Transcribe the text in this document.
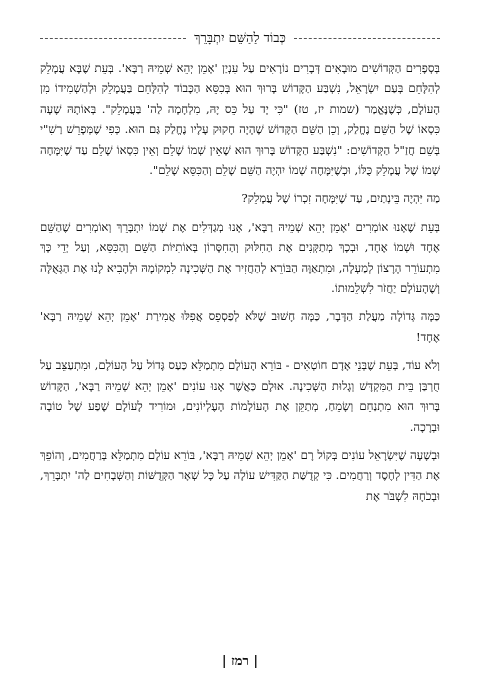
כְּבוֹד לַהַשֵּׁם יִתְבָּרֵךְ

בְּסְפָרִים הַקְּדוֹשִׁים מוּבָאִים דְּבָרִים נוֹרָאִים עַל עִנְיַן 'אָמֵן יְהֵא שְׁמֵיהּ רַבָּא'. בְּעֵת שֶׁבָּא עֲמָלֵק לְהִלָּחֵם בְּעַם יִשְׂרָאֵל, נִשְׁבַּע הַקָּדוֹשׁ בָּרוּךְ הוּא בְּכִסֵּא הַכָּבוֹד לְהִלָּחֵם בַּעֲמָלֵק וּלְהַשְׁמִידוֹ מִן הָעוֹלָם, כְּשֶׁנֶּאֱמַר (שמות יז, טז) "כִּי יָד עַל כֵּס יָהּ, מִלְחָמָה לַה' בַּעֲמָלֵק". בְּאוֹתָהּ שָׁעָה כִּסְאוֹ שֶׁל הַשֵּׁם נֶחֱלַק, וְכֵן הַשֵּׁם הַקָּדוֹשׁ שֶׁהָיָה חָקוּק עָלָיו נֶחֱלַק גַּם הוּא. כְּפִי שֶׁמְּפָרֵשׁ רַשִׁ"י בְּשֵׁם חֲזַ"ל הַקְּדוֹשִׁים: "נִשְׁבַּע הַקָּדוֹשׁ בָּרוּךְ הוּא שֶׁאֵין שְׁמוֹ שָׁלֵם וְאֵין כִּסְאוֹ שָׁלֵם עַד שֶׁיִּמָּחֶה שְׁמוֹ שֶׁל עֲמָלֵק כֻּלּוֹ, וּכְשֶׁיִּמָּחֶה שְׁמוֹ יִהְיֶה הַשֵּׁם שָׁלֵם וְהַכִּסֵּא שָׁלֵם".

מַה יִּהְיֶה בֵּינְתַיִם, עַד שֶׁיִּמָּחֶה זִכְרוֹ שֶׁל עֲמָלֵק?

בְּעֵת שֶׁאָנוּ אוֹמְרִים 'אָמֵן יְהֵא שְׁמֵיהּ רַבָּא', אָנוּ מְגַדְּלִים אֶת שְׁמוֹ יִתְבָּרֵךְ וְאוֹמְרִים שֶׁהַשֵּׁם אֶחָד וּשְׁמוֹ אֶחָד, וּבְכָךְ מְתַקְּנִים אֶת הַחִלּוּק וְהַחִסָּרוֹן בְּאוֹתִיּוֹת הַשֵּׁם וְהַכִּסֵּא, וְעַל יְדֵי כָּךְ מִתְעוֹרֵר הָרָצוֹן לְמַעְלָה, וּמִתְאַוֶּה הַבּוֹרֵא לְהַחֲזִיר אֶת הַשְּׁכִינָה לִמְקוֹמָהּ וּלְהָבִיא לָנוּ אֶת הַגְּאֻלָּה וְשֶׁהָעוֹלָם יַחֲזֹר לִשְׁלֵמוּתוֹ.

כַּמָּה גְּדוֹלָה מַעֲלַת הַדָּבָר, כַּמָּה חָשׁוּב שֶׁלֹּא לְפַסְפֵס אֲפִלּוּ אֲמִירַת 'אָמֵן יְהֵא שְׁמֵיהּ רַבָּא' אֶחָד!

וְלֹא עוֹד, בְּעֵת שֶׁבְּנֵי אָדָם חוֹטְאִים - בּוֹרֵא הָעוֹלָם מִתְמַלֵּא כַּעַס גָּדוֹל עַל הָעוֹלָם, וּמִתְעַצֵּב עַל חֻרְבַּן בֵּית הַמִּקְדָּשׁ וְגָלוּת הַשְּׁכִינָה. אוּלָם כַּאֲשֶׁר אָנוּ עוֹנִים 'אָמֵן יְהֵא שְׁמֵיהּ רַבָּא', הַקָּדוֹשׁ בָּרוּךְ הוּא מִתְנַחֵם וְשָׂמֵחַ, מְתַקֵּן אֶת הָעוֹלָמוֹת הָעֶלְיוֹנִים, וּמוֹרִיד לָעוֹלָם שֶׁפַע שֶׁל טוֹבָה וּבְרָכָה.

וּבְשָׁעָה שֶׁיִּשְׂרָאֵל עוֹנִים בְּקוֹל רָם 'אָמֵן יְהֵא שְׁמֵיהּ רַבָּא', בּוֹרֵא עוֹלָם מִתְמַלֵּא בְּרַחֲמִים, וְהוֹפֵךְ אֶת הַדִּין לְחֶסֶד וְרַחֲמִים. כִּי קְדֻשַּׁת הַקַּדִּישׁ עוֹלָה עַל כָּל שְׁאָר הַקְּדֻשּׁוֹת וְהַשְּׁבָחִים לַה' יִתְבָּרֵךְ, וּבְכֹחָהּ לִשְׁבֹּר אֶת

| רמז |
